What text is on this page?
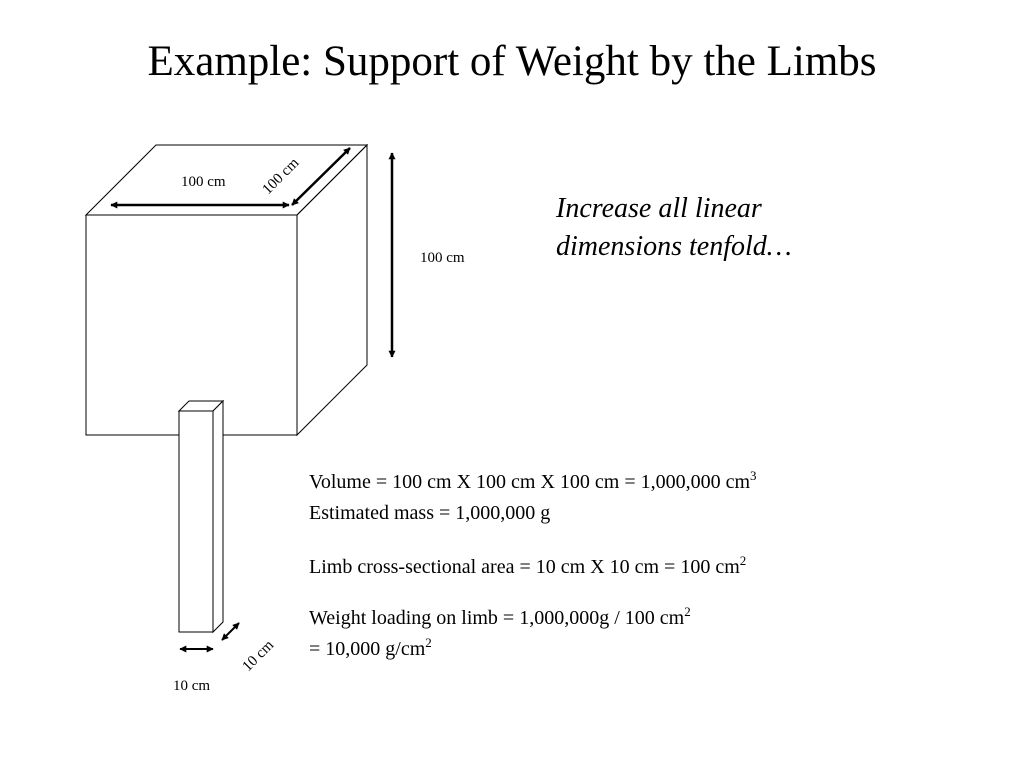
Example: Support of Weight by the Limbs
100 cm 100 cm
100 cm
10 cm
10 cm
Increase all linear
dimensions tenfold…
Volume = 100 cm X 100 cm X 100 cm = 1,000,000 $cm^3$
Estimated mass = 1,000,000 g
Limb cross-sectional area = 10 cm X 10 cm = 100 $cm^2$
Weight loading on limb = 1,000,000g / 100 $cm^2$
= 10,000 $g/cm^2$
